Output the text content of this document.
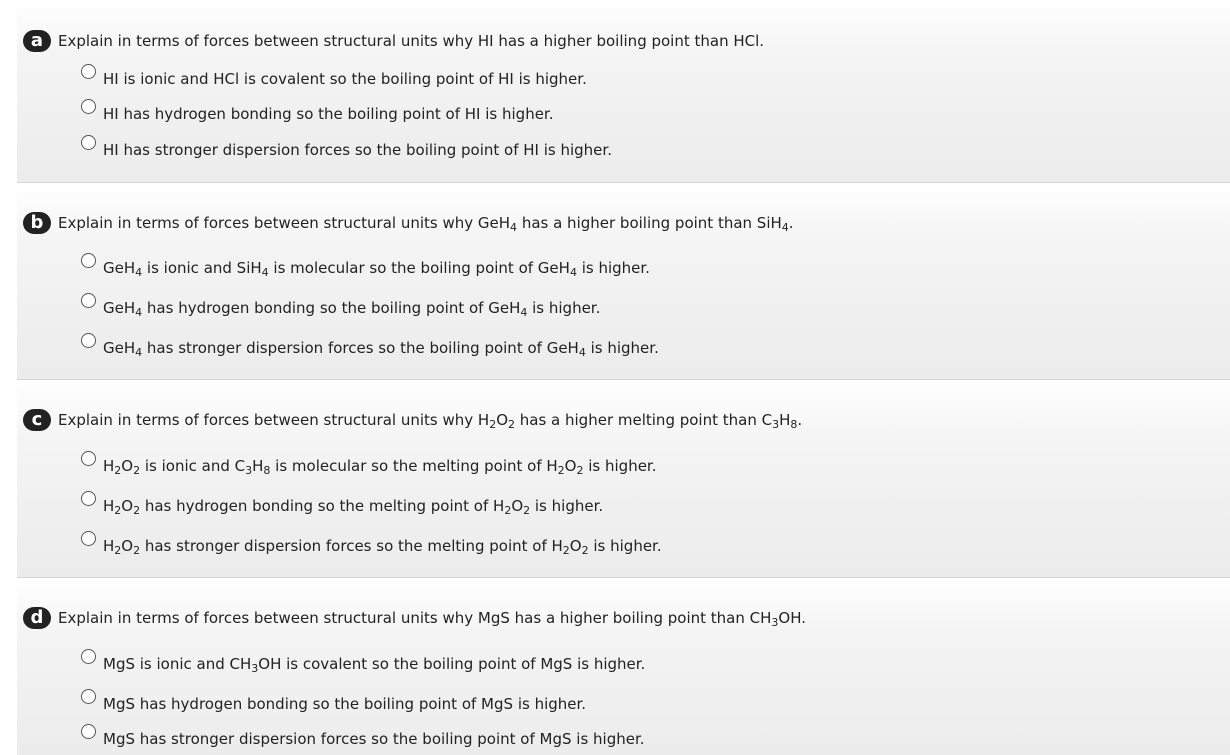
a Explain in terms of forces between structural units why HI has a higher boiling point than HCl.
HI is ionic and HCl is covalent so the boiling point of HI is higher.
HI has hydrogen bonding so the boiling point of HI is higher.
HI has stronger dispersion forces so the boiling point of HI is higher.
b Explain in terms of forces between structural units why GeH$_4$ has a higher boiling point than SiH$_4$.
GeH$_4$ is ionic and SiH$_4$ is molecular so the boiling point of GeH$_4$ is higher.
GeH$_4$ has hydrogen bonding so the boiling point of GeH$_4$ is higher.
GeH$_4$ has stronger dispersion forces so the boiling point of GeH$_4$ is higher.
c	Explain in terms of forces between structural units why $H_2O_2$ has a higher melting point than $C_3H_8$.
$H_2O_2$ is ionic and $C_3H_8$ is molecular so the melting point of $H_2O_2$ is higher.
$H_2O_2$ has hydrogen bonding so the melting point of $H_2O_2$ is higher.
$H_2O_2$ has stronger dispersion forces so the melting point of $H_2O_2$ is higher.
d Explain in terms of forces between structural units why MgS has a higher boiling point than $CH_3OH$.
MgS is ionic and $CH_3OH$ is covalent so the boiling point of MgS is higher.
MgS has hydrogen bonding so the boiling point of MgS is higher.
MgS has stronger dispersion forces so the boiling point of MgS is higher.
